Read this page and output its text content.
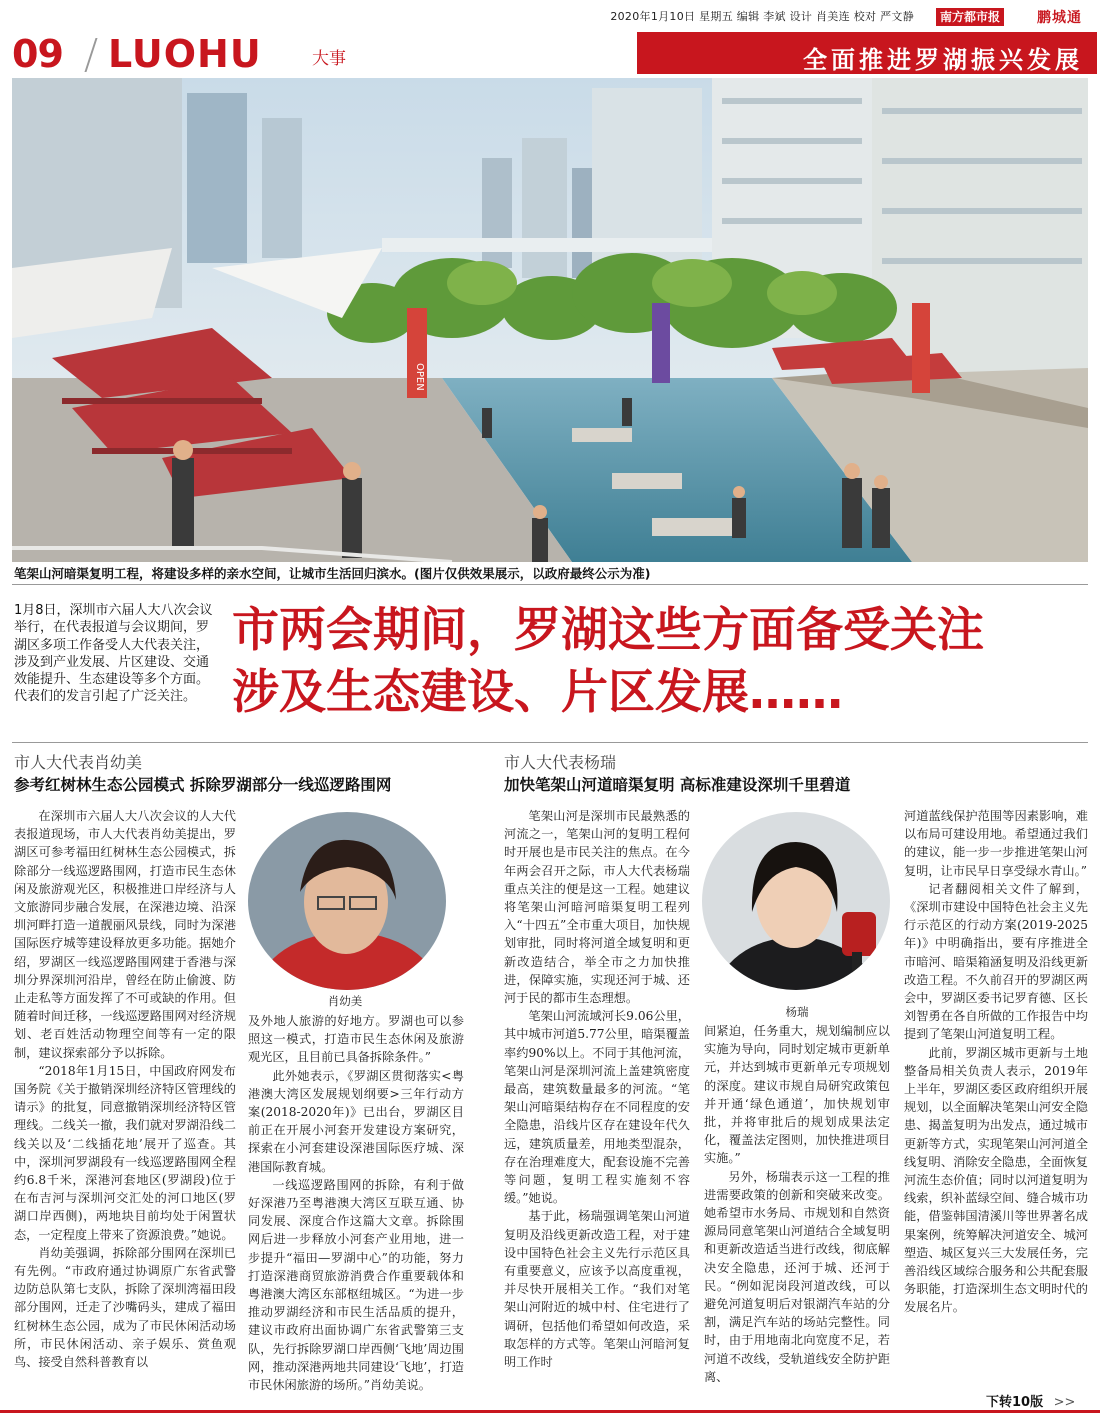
2020年1月10日 星期五 编辑 李斌 设计 肖美连 校对 严文静	南方都市报	鹏城通
09 LUOHU	大事	全面推进罗湖振兴发展
OPEN
笔架山河暗渠复明工程，将建设多样的亲水空间，让城市生活回归滨水。(图片仅供效果展示，以政府最终公示为准)
1月8日，深圳市六届人大八次会议举行，在代表报道与会议期间，罗湖区多项工作备受人大代表关注，涉及到产业发展、片区建设、交通效能提升、生态建设等多个方面。代表们的发言引起了广泛关注。
市两会期间，罗湖这些方面备受关注
涉及生态建设、片区发展……
市人大代表肖幼美
参考红树林生态公园模式 拆除罗湖部分一线巡逻路围网

在深圳市六届人大八次会议的人大代表报道现场，市人大代表肖幼美提出，罗湖区可参考福田红树林生态公园模式，拆除部分一线巡逻路围网，打造市民生态休闲及旅游观光区，积极推进口岸经济与人文旅游同步融合发展，在深港边境、沿深圳河畔打造一道靓丽风景线，同时为深港国际医疗城等建设释放更多功能。据她介绍，罗湖区一线巡逻路围网建于香港与深圳分界深圳河沿岸，曾经在防止偷渡、防止走私等方面发挥了不可或缺的作用。但随着时间迁移，一线巡逻路围网对经济规划、老百姓活动物理空间等有一定的限制，建议探索部分予以拆除。

“2018年1月15日，中国政府网发布国务院《关于撤销深圳经济特区管理线的请示》的批复，同意撤销深圳经济特区管理线。二线关一撤，我们就对罗湖沿线二线关以及‘二线插花地’展开了巡查。其中，深圳河罗湖段有一线巡逻路围网全程约6.8千米，深港河套地区(罗湖段)位于在布吉河与深圳河交汇处的河口地区(罗湖口岸西侧)，两地块目前均处于闲置状态，一定程度上带来了资源浪费。”她说。

肖幼美强调，拆除部分围网在深圳已有先例。“市政府通过协调原广东省武警边防总队第七支队，拆除了深圳湾福田段部分围网，迁走了沙嘴码头，建成了福田红树林生态公园，成为了市民休闲活动场所，市民休闲活动、亲子娱乐、赏鱼观鸟、接受自然科普教育以

肖幼美

及外地人旅游的好地方。罗湖也可以参照这一模式，打造市民生态休闲及旅游观光区，且目前已具备拆除条件。”

此外她表示，《罗湖区贯彻落实<粤港澳大湾区发展规划纲要>三年行动方案(2018-2020年)》已出台，罗湖区目前正在开展小河套开发建设方案研究，探索在小河套建设深港国际医疗城、深港国际教育城。

一线巡逻路围网的拆除，有利于做好深港乃至粤港澳大湾区互联互通、协同发展、深度合作这篇大文章。拆除围网后进一步释放小河套产业用地，进一步提升“福田—罗湖中心”的功能，努力打造深港商贸旅游消费合作重要载体和粤港澳大湾区东部枢纽城区。“为进一步推动罗湖经济和市民生活品质的提升，建议市政府出面协调广东省武警第三支队，先行拆除罗湖口岸西侧‘飞地’周边围网，推动深港两地共同建设‘飞地’，打造市民休闲旅游的场所。”肖幼美说。

市人大代表杨瑞
加快笔架山河道暗渠复明 高标准建设深圳千里碧道

笔架山河是深圳市民最熟悉的河流之一，笔架山河的复明工程何时开展也是市民关注的焦点。在今年两会召开之际，市人大代表杨瑞重点关注的便是这一工程。她建议将笔架山河暗河暗渠复明工程列入“十四五”全市重大项目，加快规划审批，同时将河道全域复明和更新改造结合，举全市之力加快推进，保障实施，实现还河于城、还河于民的都市生态理想。

笔架山河流域河长9.06公里，其中城市河道5.77公里，暗渠覆盖率约90%以上。不同于其他河流，笔架山河是深圳河流上盖建筑密度最高，建筑数量最多的河流。“笔架山河暗渠结构存在不同程度的安全隐患，沿线片区存在建设年代久远，建筑质量差，用地类型混杂，存在治理难度大，配套设施不完善等问题，复明工程实施刻不容缓。”她说。

基于此，杨瑞强调笔架山河道复明及沿线更新改造工程，对于建设中国特色社会主义先行示范区具有重要意义，应该予以高度重视，并尽快开展相关工作。“我们对笔架山河附近的城中村、住宅进行了调研，包括他们希望如何改造，采取怎样的方式等。笔架山河暗河复明工作时

杨瑞

间紧迫，任务重大，规划编制应以实施为导向，同时划定城市更新单元，并达到城市更新单元专项规划的深度。建议市规自局研究政策包并开通‘绿色通道’，加快规划审批，并将审批后的规划成果法定化，覆盖法定图则，加快推进项目实施。”

另外，杨瑞表示这一工程的推进需要政策的创新和突破来改变。她希望市水务局、市规划和自然资源局同意笔架山河道结合全域复明和更新改造适当进行改线，彻底解决安全隐患，还河于城、还河于民。“例如泥岗段河道改线，可以避免河道复明后对银湖汽车站的分割，满足汽车站的场站完整性。同时，由于用地南北向宽度不足，若河道不改线，受轨道线安全防护距离、

河道蓝线保护范围等因素影响，难以布局可建设用地。希望通过我们的建议，能一步一步推进笔架山河复明，让市民早日享受绿水青山。”

记者翻阅相关文件了解到，《深圳市建设中国特色社会主义先行示范区的行动方案(2019-2025年)》中明确指出，要有序推进全市暗河、暗渠箱涵复明及沿线更新改造工程。不久前召开的罗湖区两会中，罗湖区委书记罗育德、区长刘智勇在各自所做的工作报告中均提到了笔架山河道复明工程。

此前，罗湖区城市更新与土地整备局相关负责人表示，2019年上半年，罗湖区委区政府组织开展规划，以全面解决笔架山河安全隐患、揭盖复明为出发点，通过城市更新等方式，实现笔架山河河道全线复明、消除安全隐患，全面恢复河流生态价值；同时以河道复明为线索，织补蓝绿空间、缝合城市功能，借鉴韩国清溪川等世界著名成果案例，统筹解决河道安全、城河塑造、城区复兴三大发展任务，完善沿线区域综合服务和公共配套服务职能，打造深圳生态文明时代的发展名片。

下转10版 >>
